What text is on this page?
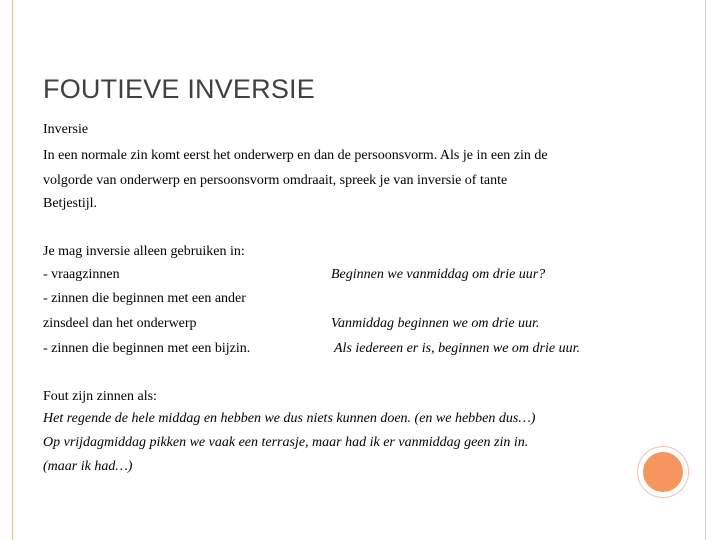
FOUTIEVE INVERSIE
Inversie
In een normale zin komt eerst het onderwerp en dan de persoonsvorm. Als je in een zin de
volgorde van onderwerp en persoonsvorm omdraait, spreek je van inversie of tante
Betjestijl.
Je mag inversie alleen gebruiken in:
- vraagzinnen
- zinnen die beginnen met een ander
zinsdeel dan het onderwerp
- zinnen die beginnen met een bijzin.
Beginnen we vanmiddag om drie uur?
Vanmiddag beginnen we om drie uur.
Als iedereen er is, beginnen we om drie uur.
Fout zijn zinnen als:
Het regende de hele middag en hebben we dus niets kunnen doen. (en we hebben dus…)
Op vrijdagmiddag pikken we vaak een terrasje, maar had ik er vanmiddag geen zin in.
(maar ik had…)
